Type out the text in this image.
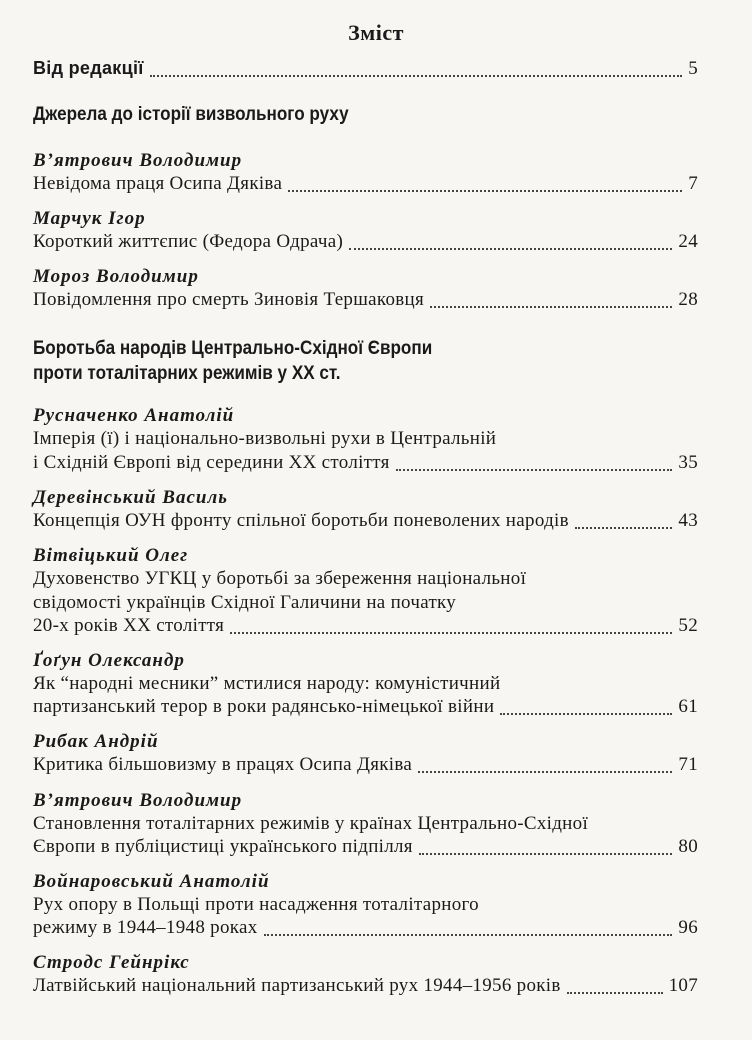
Зміст
Від редакції	5
Джерела до історії визвольного руху
В’ятрович Володимир
Невідома праця Осипа Дяківа	7
Марчук Ігор
Короткий життєпис (Федора Одрача)	24
Мороз Володимир
Повідомлення про смерть Зиновія Тершаковця	28
Боротьба народів Центрально-Східної Європи
проти тоталітарних режимів у ХХ ст.
Русначенко Анатолій
Імперія (ї) і національно-визвольні рухи в Центральній
і Східній Європі від середини ХХ століття	35
Деревінський Василь
Концепція ОУН фронту спільної боротьби поневолених народів	43
Вітвіцький Олег
Духовенство УГКЦ у боротьбі за збереження національної
свідомості українців Східної Галичини на початку
20-х років ХХ століття	52
Ґоґун Олександр
Як “народні месники” мстилися народу: комуністичний
партизанський терор в роки радянсько-німецької війни	61
Рибак Андрій
Критика більшовизму в працях Осипа Дяківа	71
В’ятрович Володимир
Становлення тоталітарних режимів у країнах Центрально-Східної
Європи в публіцистиці українського підпілля	80
Войнаровський Анатолій
Рух опору в Польщі проти насадження тоталітарного
режиму в 1944–1948 роках	96
Стродс Гейнрікс
Латвійський національний партизанський рух 1944–1956 років	107
